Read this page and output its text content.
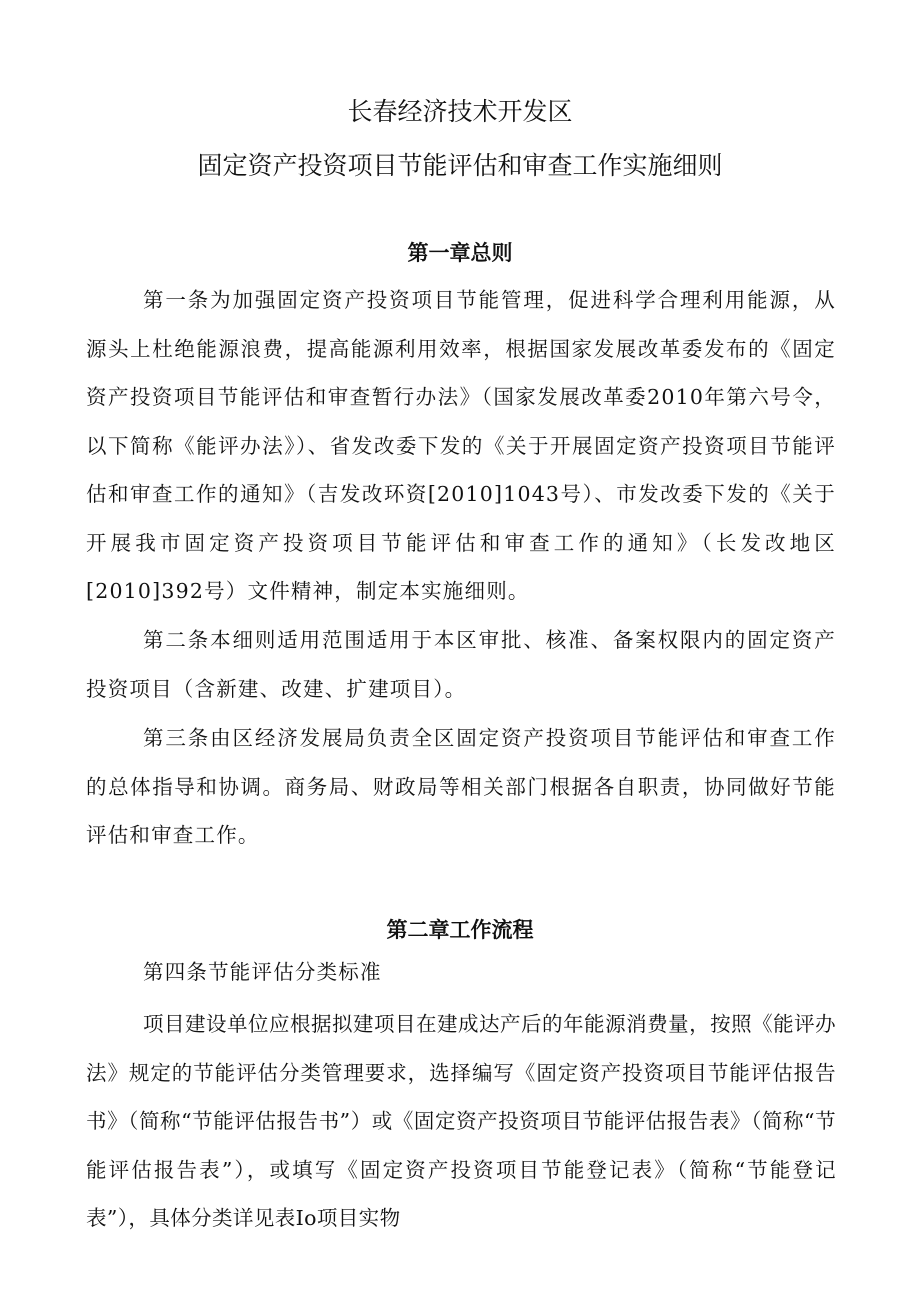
长春经济技术开发区
固定资产投资项目节能评估和审查工作实施细则
第一章总则

第一条为加强固定资产投资项目节能管理，促进科学合理利用能源，从源头上杜绝能源浪费，提高能源利用效率，根据国家发展改革委发布的《固定资产投资项目节能评估和审查暂行办法》（国家发展改革委2010年第六号令，以下简称《能评办法》）、省发改委下发的《关于开展固定资产投资项目节能评估和审查工作的通知》（吉发改环资[2010]1043号）、市发改委下发的《关于开展我市固定资产投资项目节能评估和审查工作的通知》（长发改地区[2010]392号）文件精神，制定本实施细则。

第二条本细则适用范围适用于本区审批、核准、备案权限内的固定资产投资项目（含新建、改建、扩建项目）。

第三条由区经济发展局负责全区固定资产投资项目节能评估和审查工作的总体指导和协调。商务局、财政局等相关部门根据各自职责，协同做好节能评估和审查工作。

第二章工作流程

第四条节能评估分类标准

项目建设单位应根据拟建项目在建成达产后的年能源消费量，按照《能评办法》规定的节能评估分类管理要求，选择编写《固定资产投资项目节能评估报告书》（简称“节能评估报告书”）或《固定资产投资项目节能评估报告表》（简称“节能评估报告表”），或填写《固定资产投资项目节能登记表》（简称“节能登记表”），具体分类详见表Io项目实物
